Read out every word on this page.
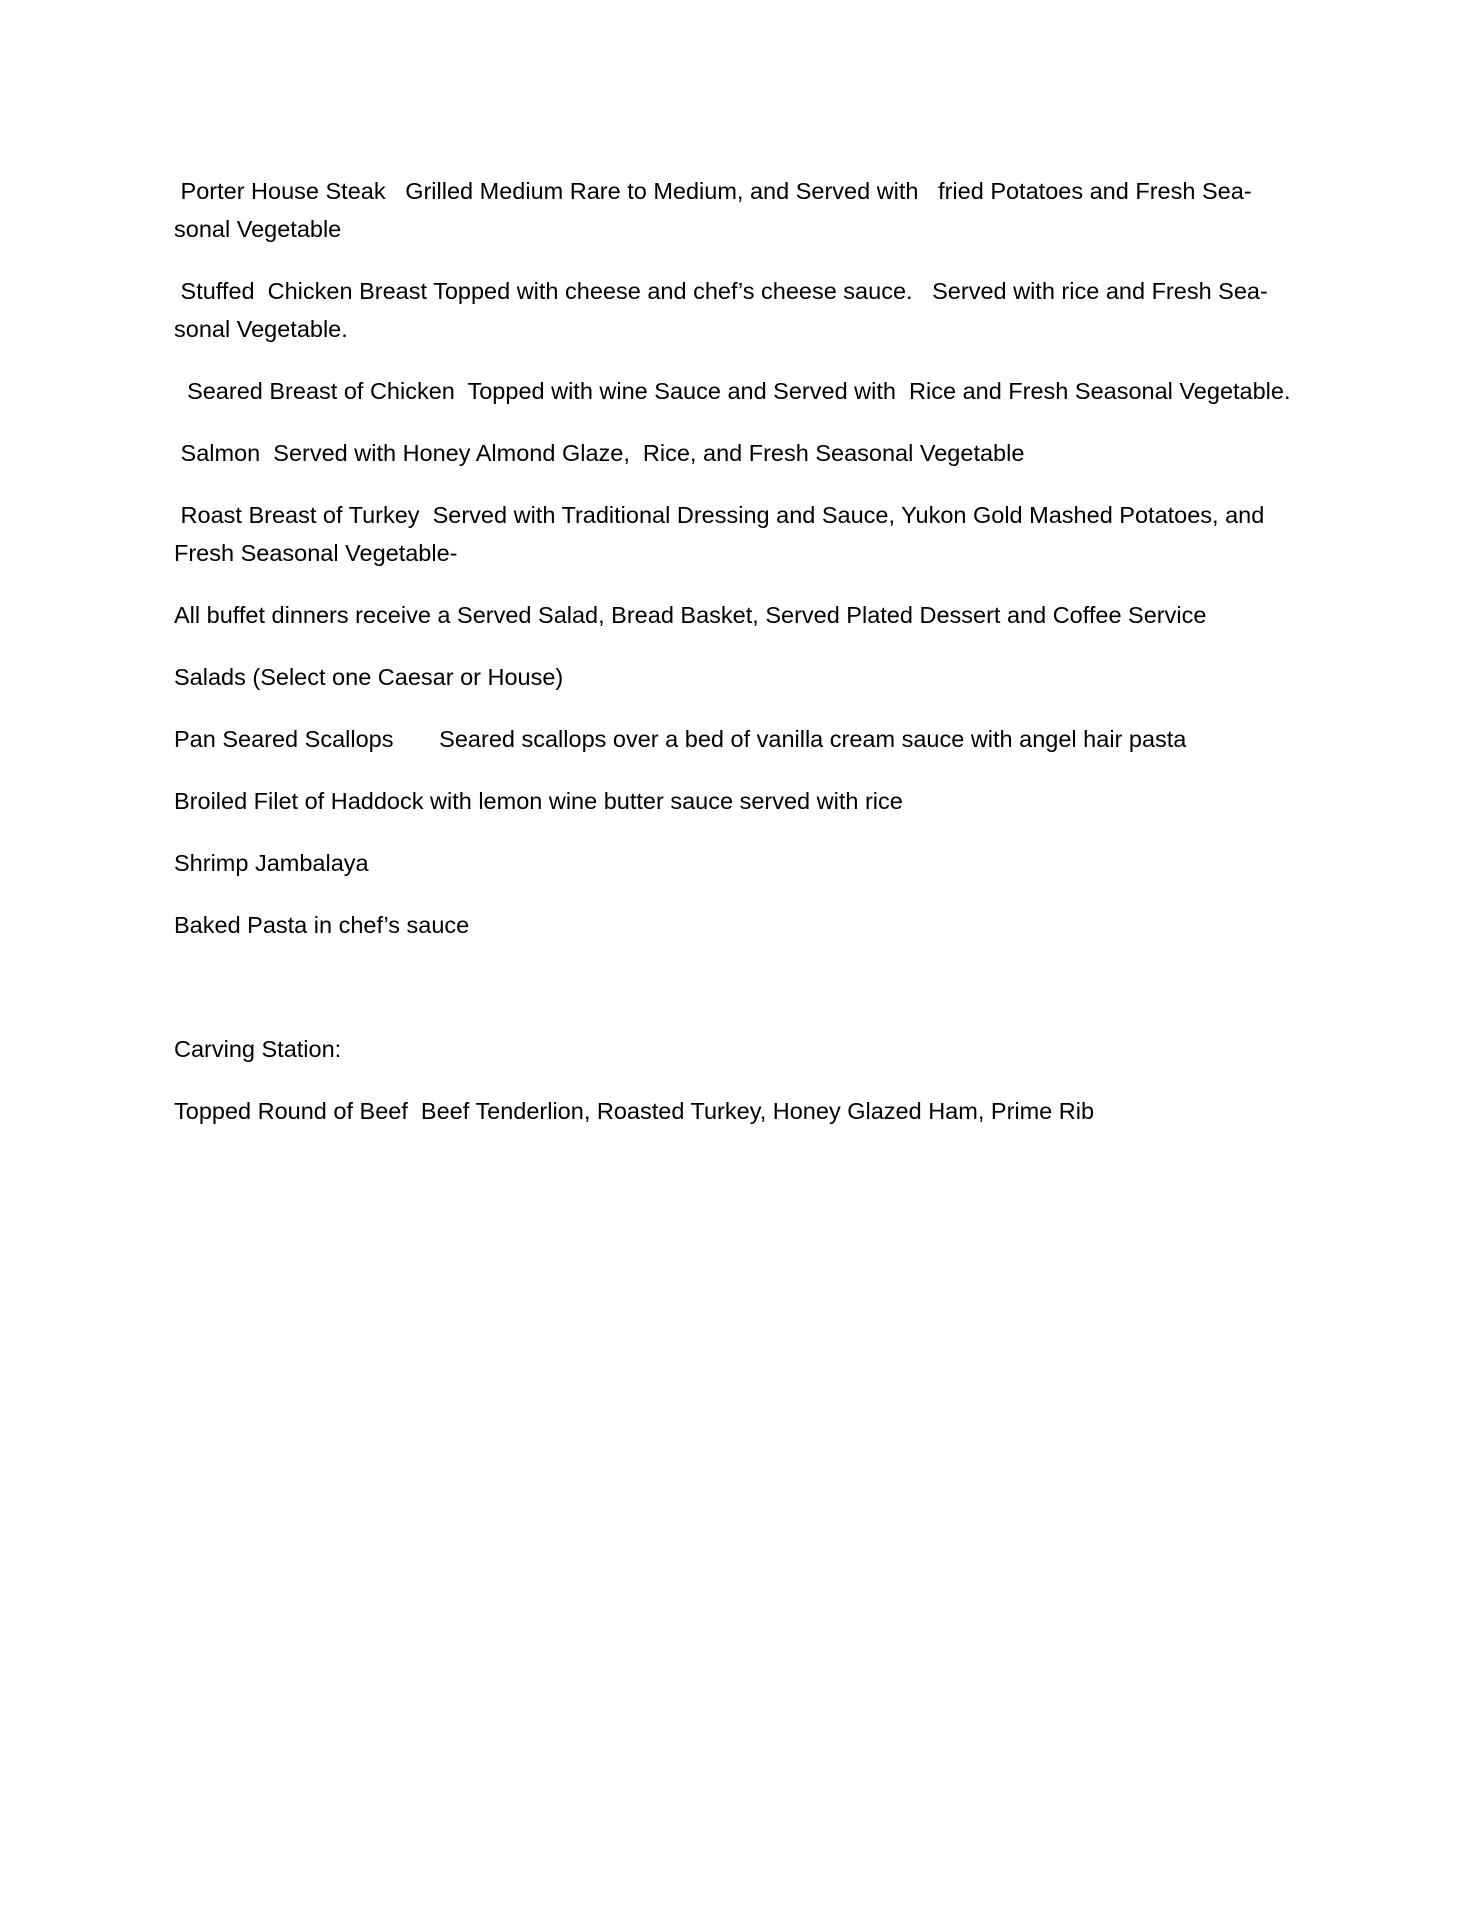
Porter House Steak   Grilled Medium Rare to Medium, and Served with   fried Potatoes and Fresh Sea-
sonal Vegetable

Stuffed  Chicken Breast Topped with cheese and chef’s cheese sauce.   Served with rice and Fresh Sea-
sonal Vegetable.

Seared Breast of Chicken  Topped with wine Sauce and Served with  Rice and Fresh Seasonal Vegetable.

Salmon  Served with Honey Almond Glaze,  Rice, and Fresh Seasonal Vegetable

Roast Breast of Turkey  Served with Traditional Dressing and Sauce, Yukon Gold Mashed Potatoes, and
Fresh Seasonal Vegetable-

All buffet dinners receive a Served Salad, Bread Basket, Served Plated Dessert and Coffee Service

Salads (Select one Caesar or House)

Pan Seared Scallops       Seared scallops over a bed of vanilla cream sauce with angel hair pasta

Broiled Filet of Haddock with lemon wine butter sauce served with rice

Shrimp Jambalaya

Baked Pasta in chef’s sauce

Carving Station:

Topped Round of Beef  Beef Tenderlion, Roasted Turkey, Honey Glazed Ham, Prime Rib
